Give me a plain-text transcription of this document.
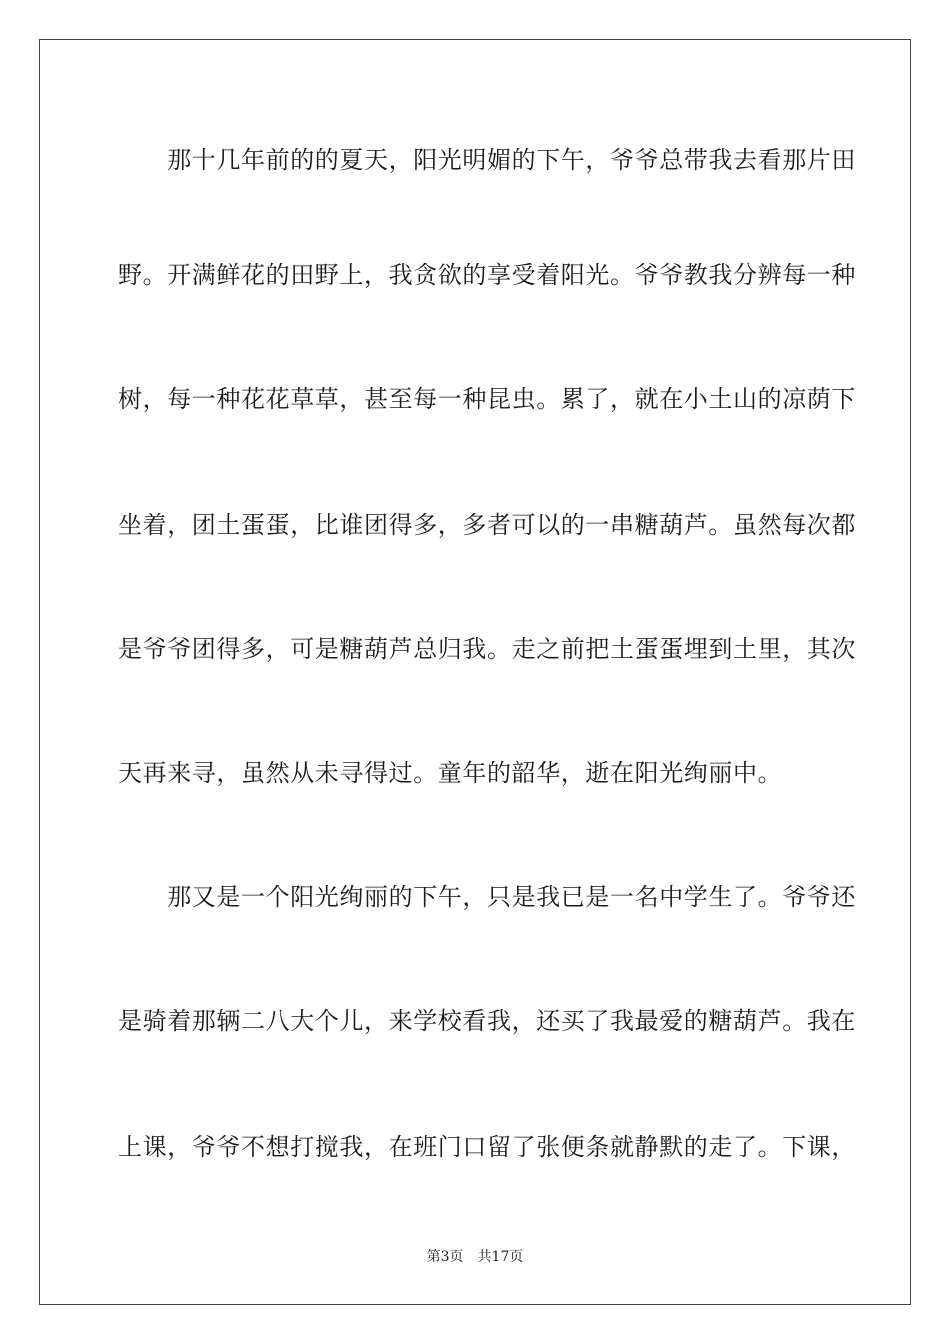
　　那十几年前的的夏天，阳光明媚的下午，爷爷总带我去看那片田
野。开满鲜花的田野上，我贪欲的享受着阳光。爷爷教我分辨每一种
树，每一种花花草草，甚至每一种昆虫。累了，就在小土山的凉荫下
坐着，团土蛋蛋，比谁团得多，多者可以的一串糖葫芦。虽然每次都
是爷爷团得多，可是糖葫芦总归我。走之前把土蛋蛋埋到土里，其次
天再来寻，虽然从未寻得过。童年的韶华，逝在阳光绚丽中。
　　那又是一个阳光绚丽的下午，只是我已是一名中学生了。爷爷还
是骑着那辆二八大个儿，来学校看我，还买了我最爱的糖葫芦。我在
上课，爷爷不想打搅我，在班门口留了张便条就静默的走了。下课，
第3页　共17页
